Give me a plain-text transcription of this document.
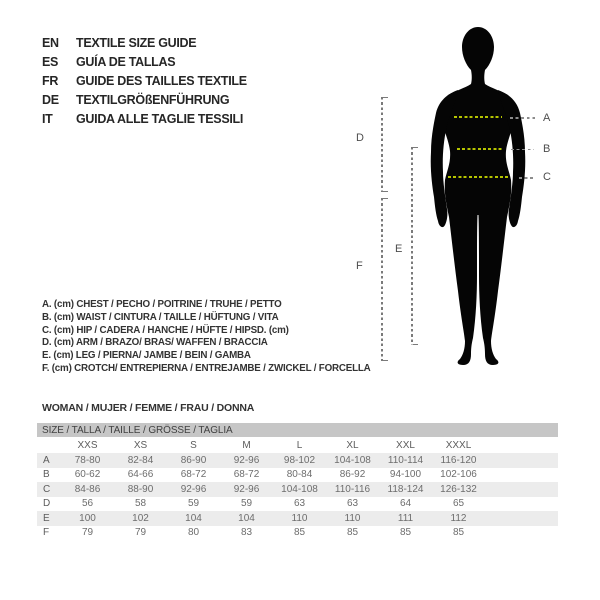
EN	TEXTILE SIZE GUIDE
ES	GUÍA DE TALLAS
FR	GUIDE DES TAILLES TEXTILE
DE	TEXTILGRÖßENFÜHRUNG
IT	GUIDA ALLE TAGLIE TESSILI	A
B
C
D
E
F
A. (cm) CHEST / PECHO / POITRINE / TRUHE / PETTO
B. (cm) WAIST / CINTURA / TAILLE / HÜFTUNG / VITA
C. (cm) HIP / CADERA / HANCHE / HÜFTE / HIPSD. (cm)
D. (cm) ARM / BRAZO/ BRAS/ WAFFEN / BRACCIA
E. (cm) LEG / PIERNA/ JAMBE / BEIN / GAMBA
F. (cm) CROTCH/ ENTREPIERNA / ENTREJAMBE / ZWICKEL / FORCELLA
WOMAN / MUJER / FEMME / FRAU / DONNA
SIZE / TALLA / TAILLE / GRÖSSE / TAGLIA
XXS	XS	S	M	L	XL	XXL	XXXL
A	78-80	82-84	86-90	92-96	98-102	104-108	110-114	116-120
B	60-62	64-66	68-72	68-72	80-84	86-92	94-100	102-106
C	84-86	88-90	92-96	92-96	104-108	110-116	118-124	126-132
D	56	58	59	59	63	63	64	65
E	100	102	104	104	110	110	111	112
F	79	79	80	83	85	85	85	85
